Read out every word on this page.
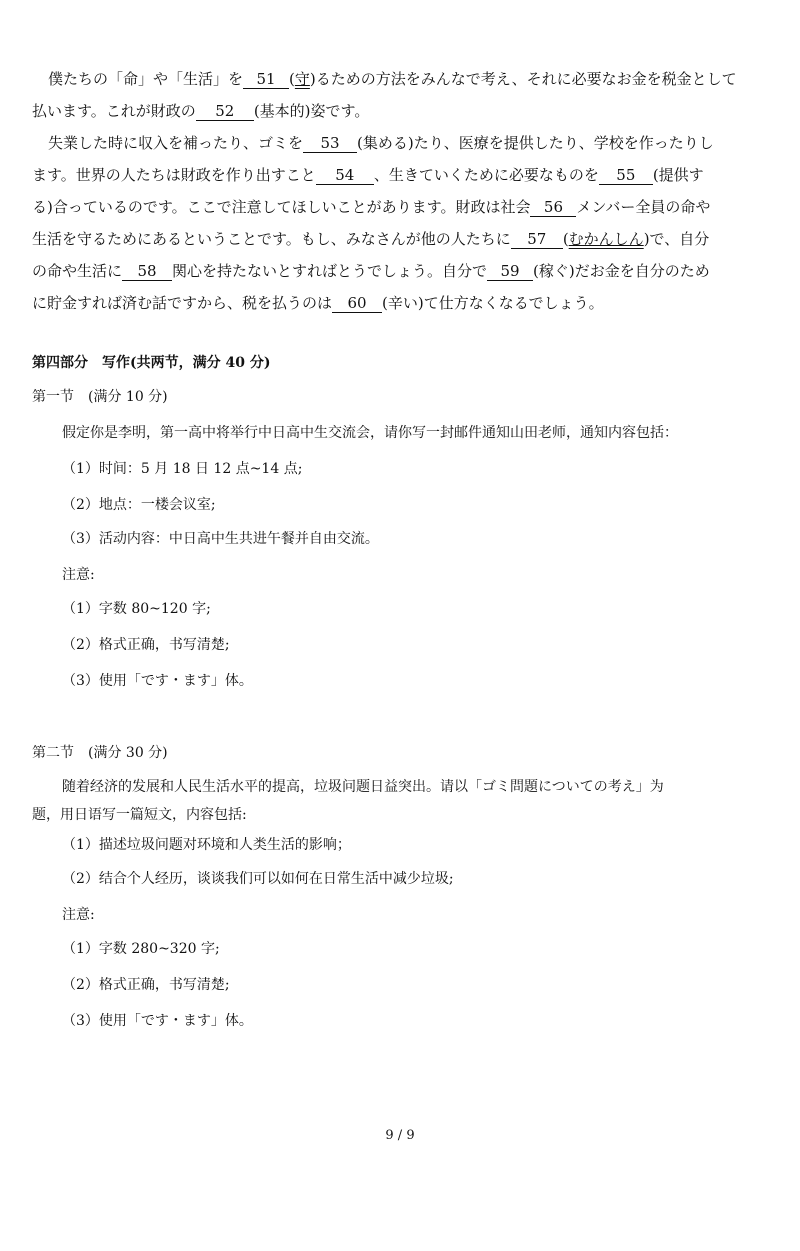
僕たちの「命」や「生活」を 51 (守)るための方法をみんなで考え、それに必要なお金を税金として
払います。これが財政の 52 (基本的)姿です。
失業した時に収入を補ったり、ゴミを 53 (集める)たり、医療を提供したり、学校を作ったりし
ます。世界の人たちは財政を作り出すこと 54 、生きていくために必要なものを 55 (提供す
る)合っているのです。ここで注意してほしいことがあります。財政は社会 56 メンバー全員の命や
生活を守るためにあるということです。もし、みなさんが他の人たちに 57 (むかんしん)で、自分
の命や生活に 58 関心を持たないとすればとうでしょう。自分で 59 (稼ぐ)だお金を自分のため
に貯金すれば済む話ですから、税を払うのは 60 (辛い)て仕方なくなるでしょう。
第四部分　写作(共两节，满分 40 分)
第一节　(满分 10 分)
假定你是李明，第一高中将举行中日高中生交流会，请你写一封邮件通知山田老师，通知内容包括：
（1）时间：5 月 18 日 12 点~14 点;
（2）地点：一楼会议室;
（3）活动内容：中日高中生共进午餐并自由交流。
注意:
（1）字数 80~120 字;
（2）格式正确，书写清楚;
（3）使用「です・ます」体。
第二节　(满分 30 分)
随着经济的发展和人民生活水平的提高，垃圾问题日益突出。请以「ゴミ問題についての考え」为
题，用日语写一篇短文，内容包括:
（1）描述垃圾问题对环境和人类生活的影响；
（2）结合个人经历，谈谈我们可以如何在日常生活中减少垃圾;
注意:
（1）字数 280~320 字;
（2）格式正确，书写清楚;
（3）使用「です・ます」体。
9 / 9
